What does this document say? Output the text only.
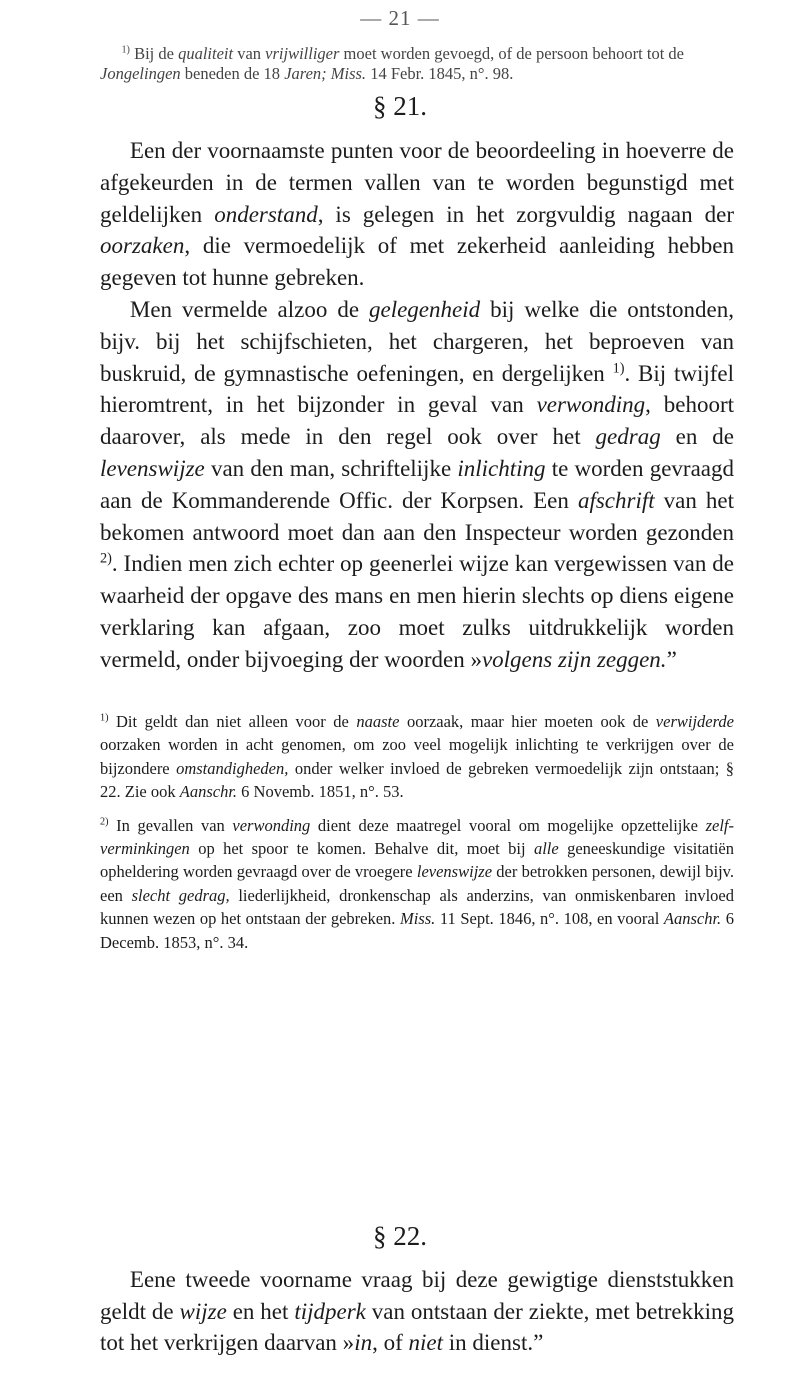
— 21 —

$^{1)}$ Bij de qualiteit van vrijwilliger moet worden gevoegd, of de persoon behoort tot de Jongelingen beneden de 18 Jaren; Miss. 14 Febr. 1845, n°. 98.

§ 21.

Een der voornaamste punten voor de beoordeeling in hoeverre de afgekeurden in de termen vallen van te worden begunstigd met geldelijken onderstand, is gelegen in het zorgvuldig nagaan der oorzaken, die vermoedelijk of met zekerheid aanleiding hebben gegeven tot hunne gebreken.

Men vermelde alzoo de gelegenheid bij welke die ontstonden, bijv. bij het schijfschieten, het chargeren, het beproeven van buskruid, de gymnastische oefeningen, en dergelijken $^{1)}$. Bij twijfel hieromtrent, in het bijzonder in geval van verwonding, behoort daarover, als mede in den regel ook over het gedrag en de levenswijze van den man, schriftelijke inlichting te worden gevraagd aan de Kommanderende Offic. der Korpsen. Een afschrift van het bekomen antwoord moet dan aan den Inspecteur worden gezonden $^{2)}$. Indien men zich echter op geenerlei wijze kan vergewissen van de waarheid der opgave des mans en men hierin slechts op diens eigene verklaring kan afgaan, zoo moet zulks uitdrukkelijk worden vermeld, onder bijvoeging der woorden »volgens zijn zeggen.”

$^{1)}$ Dit geldt dan niet alleen voor de naaste oorzaak, maar hier moeten ook de verwijderde oorzaken worden in acht genomen, om zoo veel mogelijk inlichting te verkrijgen over de bijzondere omstandigheden, onder welker invloed de gebreken vermoedelijk zijn ontstaan; § 22. Zie ook Aanschr. 6 Novemb. 1851, n°. 53.

$^{2)}$ In gevallen van verwonding dient deze maatregel vooral om mogelijke opzettelijke zelf-verminkingen op het spoor te komen. Behalve dit, moet bij alle geneeskundige visitatiën opheldering worden gevraagd over de vroegere levenswijze der betrokken personen, dewijl bijv. een slecht gedrag, liederlijkheid, dronkenschap als anderzins, van onmiskenbaren invloed kunnen wezen op het ontstaan der gebreken. Miss. 11 Sept. 1846, n°. 108, en vooral Aanschr. 6 Decemb. 1853, n°. 34.

§ 22.

Eene tweede voorname vraag bij deze gewigtige dienststukken geldt de wijze en het tijdperk van ontstaan der ziekte, met betrekking tot het verkrijgen daarvan »in, of niet in dienst.”
